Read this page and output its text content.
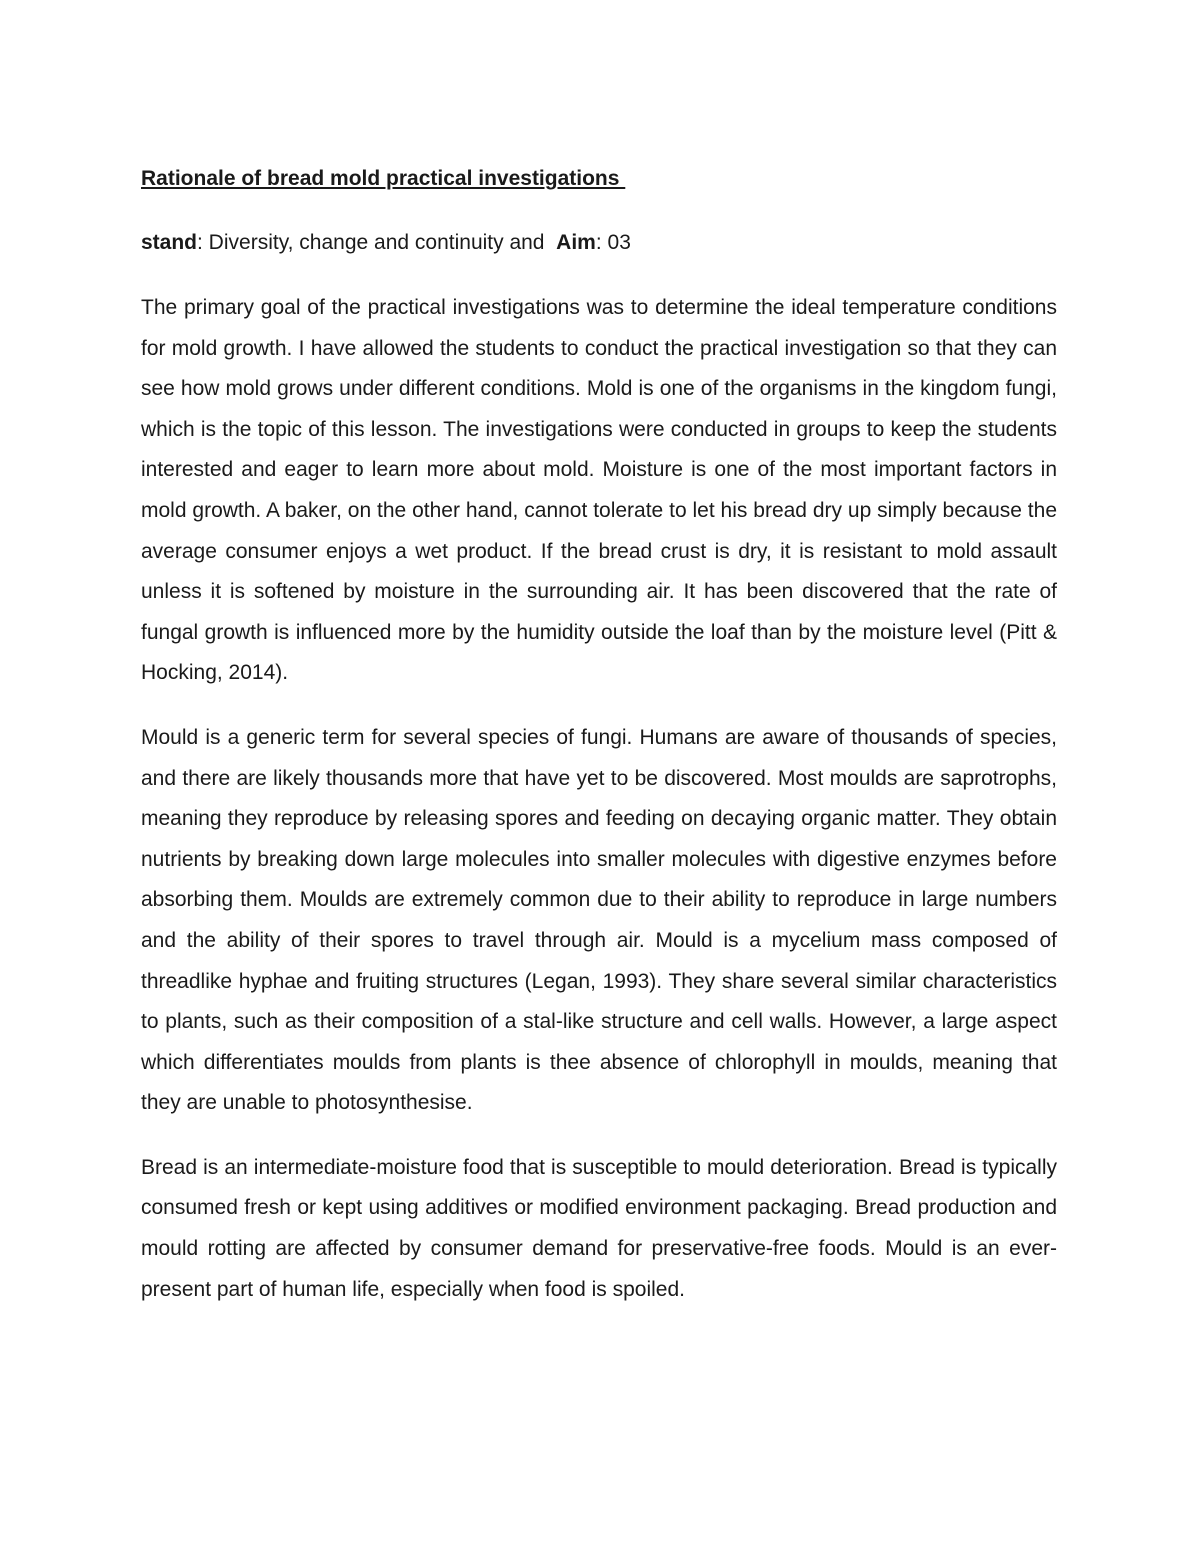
Rationale of bread mold practical investigations

stand: Diversity, change and continuity and  Aim: 03

The primary goal of the practical investigations was to determine the ideal temperature conditions for mold growth. I have allowed the students to conduct the practical investigation so that they can see how mold grows under different conditions. Mold is one of the organisms in the kingdom fungi, which is the topic of this lesson. The investigations were conducted in groups to keep the students interested and eager to learn more about mold. Moisture is one of the most important factors in mold growth. A baker, on the other hand, cannot tolerate to let his bread dry up simply because the average consumer enjoys a wet product. If the bread crust is dry, it is resistant to mold assault unless it is softened by moisture in the surrounding air. It has been discovered that the rate of fungal growth is influenced more by the humidity outside the loaf than by the moisture level (Pitt & Hocking, 2014).

Mould is a generic term for several species of fungi. Humans are aware of thousands of species, and there are likely thousands more that have yet to be discovered. Most moulds are saprotrophs, meaning they reproduce by releasing spores and feeding on decaying organic matter. They obtain nutrients by breaking down large molecules into smaller molecules with digestive enzymes before absorbing them. Moulds are extremely common due to their ability to reproduce in large numbers and the ability of their spores to travel through air. Mould is a mycelium mass composed of threadlike hyphae and fruiting structures (Legan, 1993). They share several similar characteristics to plants, such as their composition of a stal-like structure and cell walls. However, a large aspect which differentiates moulds from plants is thee absence of chlorophyll in moulds, meaning that they are unable to photosynthesise.

Bread is an intermediate-moisture food that is susceptible to mould deterioration. Bread is typically consumed fresh or kept using additives or modified environment packaging. Bread production and mould rotting are affected by consumer demand for preservative-free foods. Mould is an ever-present part of human life, especially when food is spoiled.
